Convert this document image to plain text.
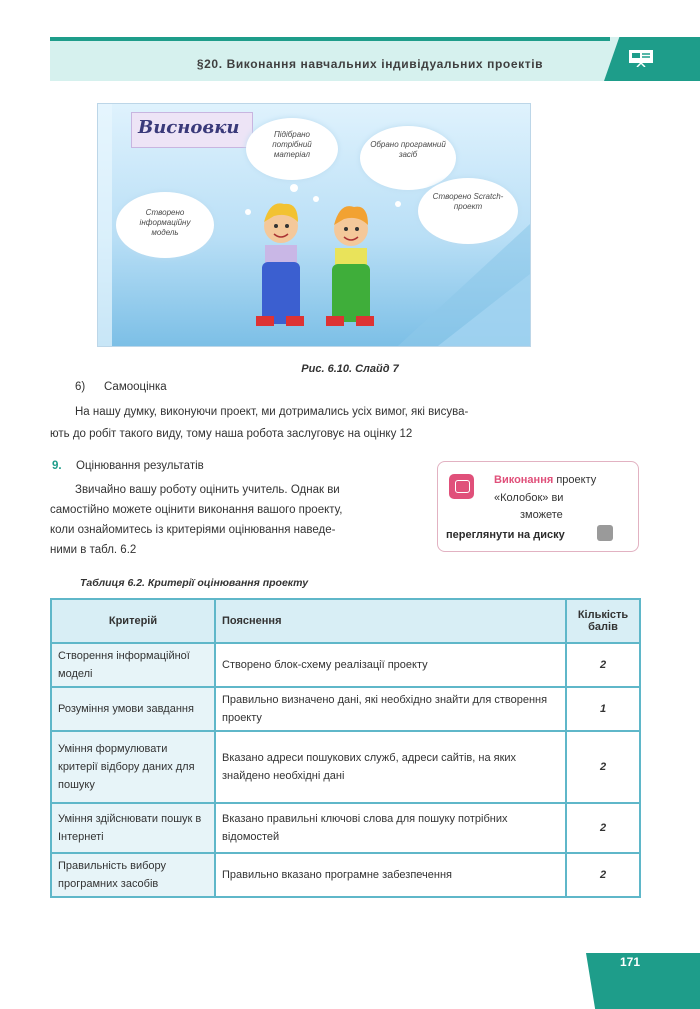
§20. Виконання навчальних індивідуальних проектів
Висновки	Підібрано потрібний матеріал
Обрано програмний засіб
Створено інформаційну модель
Створено Scratch-проект
Рис. 6.10. Слайд 7
6) Самооцінка
На нашу думку, виконуючи проект, ми дотримались усіх вимог, які висува-
ють до робіт такого виду, тому наша робота заслуговує на оцінку 12
9. Оцінювання результатів
Звичайно вашу роботу оцінить учитель. Однак ви
самостійно можете оцінити виконання вашого проекту,
коли ознайомитесь із критеріями оцінювання наведе-
ними в табл. 6.2
Виконання проекту
«Колобок» ви
зможете
переглянути на диску
Таблиця 6.2. Критерії оцінювання проекту
Критерій	Пояснення	Кількість балів
Створення інформаційної моделі	Створено блок-схему реалізації проекту	2
Розуміння умови завдання	Правильно визначено дані, які необхідно знайти для створення проекту	1
Уміння формулювати критерії відбору даних для пошуку	Вказано адреси пошукових служб, адреси сайтів, на яких знайдено необхідні дані	2
Уміння здійснювати пошук в Інтернеті	Вказано правильні ключові слова для пошуку потрібних відомостей	2
Правильність вибору програмних засобів	Правильно вказано програмне забезпечення	2
171
